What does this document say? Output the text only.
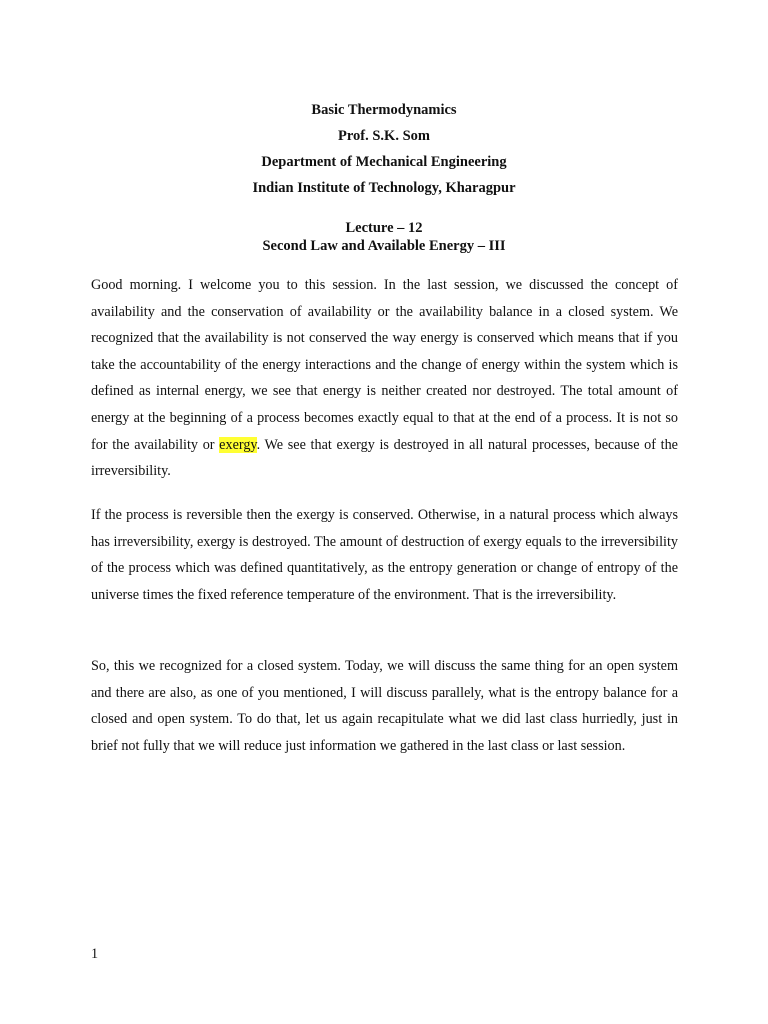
Basic Thermodynamics
Prof. S.K. Som
Department of Mechanical Engineering
Indian Institute of Technology, Kharagpur
Lecture – 12
Second Law and Available Energy – III

Good morning. I welcome you to this session. In the last session, we discussed the concept of availability and the conservation of availability or the availability balance in a closed system. We recognized that the availability is not conserved the way energy is conserved which means that if you take the accountability of the energy interactions and the change of energy within the system which is defined as internal energy, we see that energy is neither created nor destroyed. The total amount of energy at the beginning of a process becomes exactly equal to that at the end of a process. It is not so for the availability or exergy. We see that exergy is destroyed in all natural processes, because of the irreversibility.

If the process is reversible then the exergy is conserved. Otherwise, in a natural process which always has irreversibility, exergy is destroyed. The amount of destruction of exergy equals to the irreversibility of the process which was defined quantitatively, as the entropy generation or change of entropy of the universe times the fixed reference temperature of the environment. That is the irreversibility.

So, this we recognized for a closed system. Today, we will discuss the same thing for an open system and there are also, as one of you mentioned, I will discuss parallely, what is the entropy balance for a closed and open system. To do that, let us again recapitulate what we did last class hurriedly, just in brief not fully that we will reduce just information we gathered in the last class or last session.

1
